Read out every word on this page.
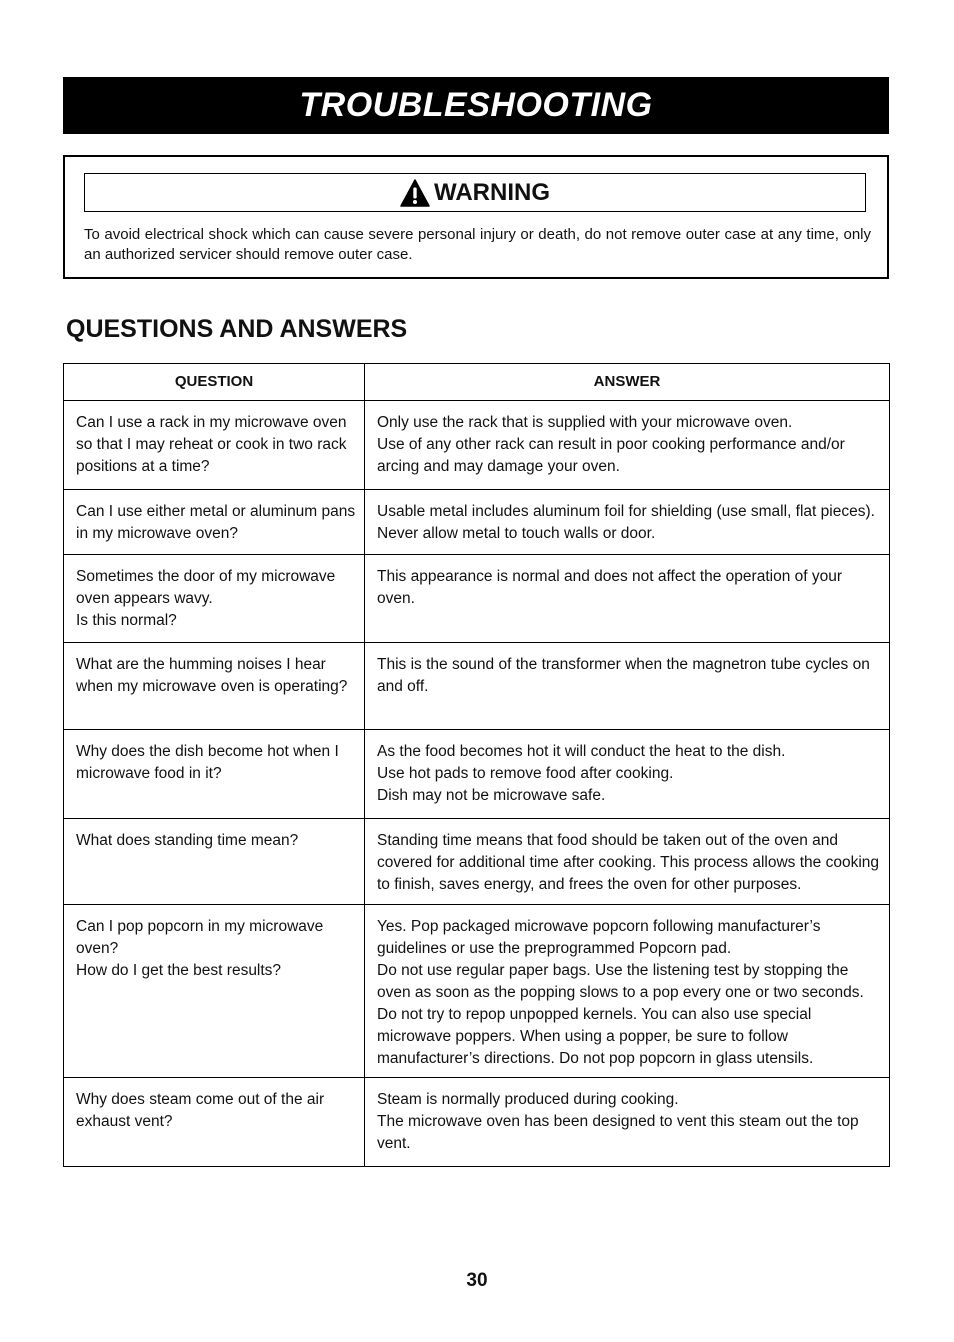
TROUBLESHOOTING
WARNING
To avoid electrical shock which can cause severe personal injury or death, do not remove outer case at any time, only an authorized servicer should remove outer case.
QUESTIONS AND ANSWERS
QUESTION	ANSWER

Can I use a rack in my microwave oven so that I may reheat or cook in two rack positions at a time?	Only use the rack that is supplied with your microwave oven.
Use of any other rack can result in poor cooking performance and/or arcing and may damage your oven.

Can I use either metal or aluminum pans in my microwave oven?	Usable metal includes aluminum foil for shielding (use small, flat pieces). Never allow metal to touch walls or door.

Sometimes the door of my microwave oven appears wavy.
Is this normal?	This appearance is normal and does not affect the operation of your oven.

What are the humming noises I hear when my microwave oven is operating?	This is the sound of the transformer when the magnetron tube cycles on and off.

Why does the dish become hot when I microwave food in it?	As the food becomes hot it will conduct the heat to the dish.
Use hot pads to remove food after cooking.
Dish may not be microwave safe.

What does standing time mean?	Standing time means that food should be taken out of the oven and covered for additional time after cooking. This process allows the cooking to finish, saves energy, and frees the oven for other purposes.

Can I pop popcorn in my microwave oven?
How do I get the best results?	Yes. Pop packaged microwave popcorn following manufacturer’s guidelines or use the preprogrammed Popcorn pad.
Do not use regular paper bags. Use the listening test by stopping the oven as soon as the popping slows to a pop every one or two seconds. Do not try to repop unpopped kernels. You can also use special microwave poppers. When using a popper, be sure to follow manufacturer’s directions. Do not pop popcorn in glass utensils.

Why does steam come out of the air exhaust vent?	Steam is normally produced during cooking.
The microwave oven has been designed to vent this steam out the top vent.
30
